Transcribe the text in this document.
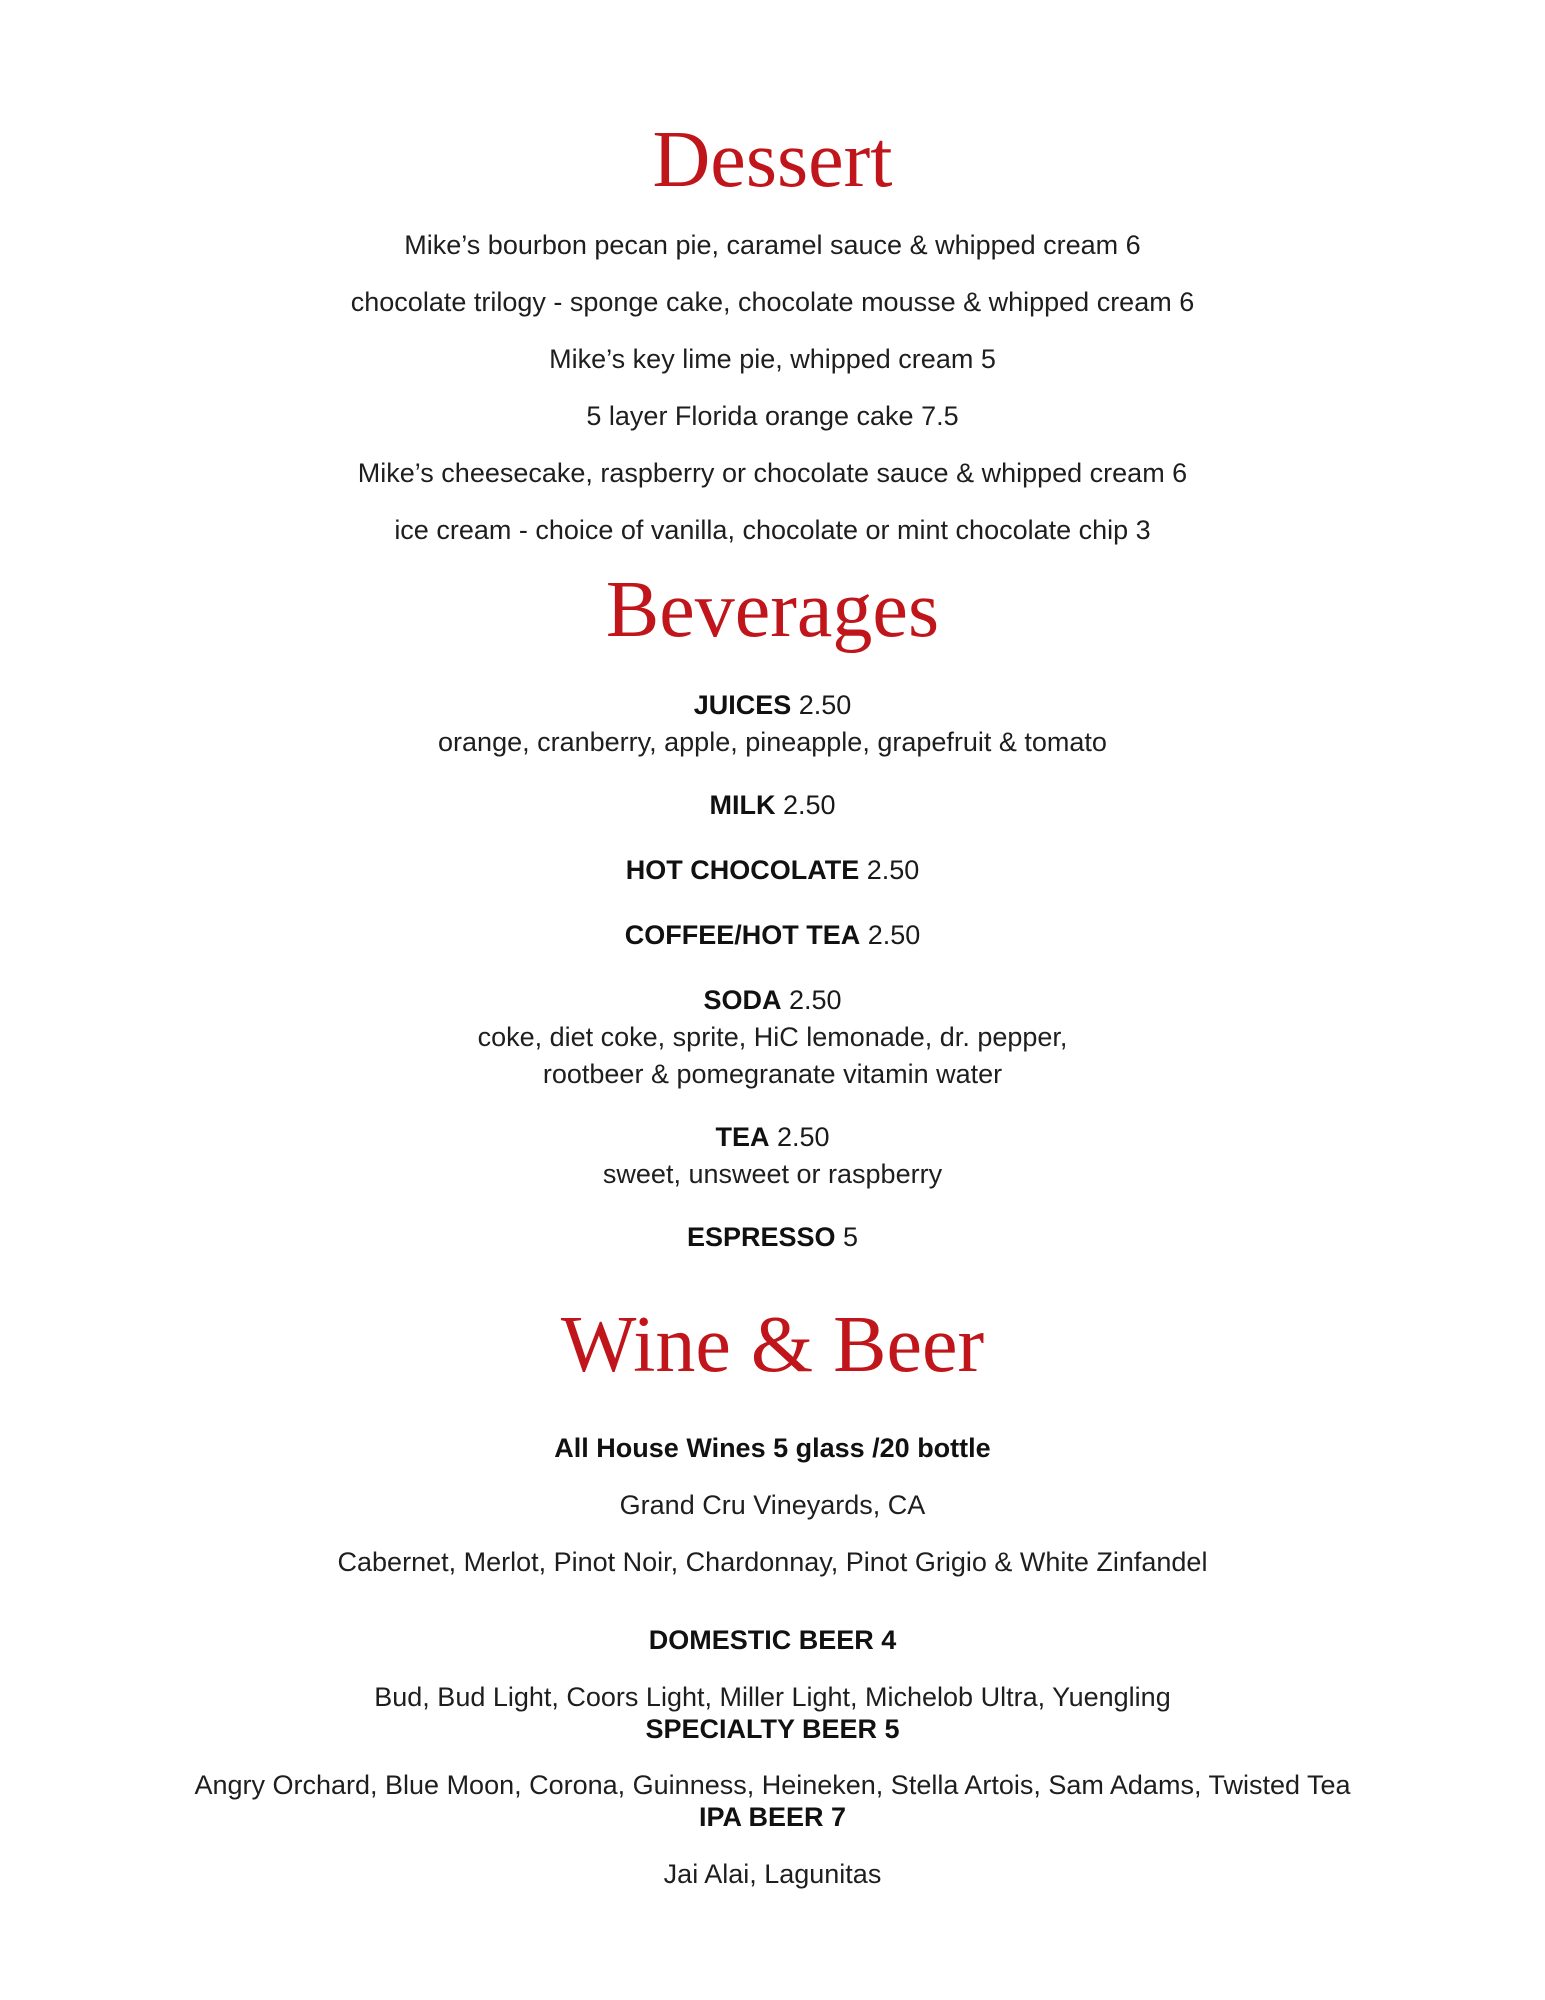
Dessert
Mike’s bourbon pecan pie, caramel sauce & whipped cream 6
chocolate trilogy - sponge cake, chocolate mousse & whipped cream 6
Mike’s key lime pie, whipped cream 5
5 layer Florida orange cake 7.5
Mike’s cheesecake, raspberry or chocolate sauce & whipped cream 6
ice cream - choice of vanilla, chocolate or mint chocolate chip 3
Beverages
JUICES 2.50
orange, cranberry, apple, pineapple, grapefruit & tomato
MILK 2.50
HOT CHOCOLATE 2.50
COFFEE/HOT TEA 2.50
SODA 2.50
coke, diet coke, sprite, HiC lemonade, dr. pepper,
rootbeer & pomegranate vitamin water
TEA 2.50
sweet, unsweet or raspberry
ESPRESSO 5
Wine & Beer
All House Wines 5 glass /20 bottle
Grand Cru Vineyards, CA
Cabernet, Merlot, Pinot Noir, Chardonnay, Pinot Grigio & White Zinfandel
DOMESTIC BEER 4
Bud, Bud Light, Coors Light, Miller Light, Michelob Ultra, Yuengling
SPECIALTY BEER 5
Angry Orchard, Blue Moon, Corona, Guinness, Heineken, Stella Artois, Sam Adams, Twisted Tea
IPA BEER 7
Jai Alai, Lagunitas
